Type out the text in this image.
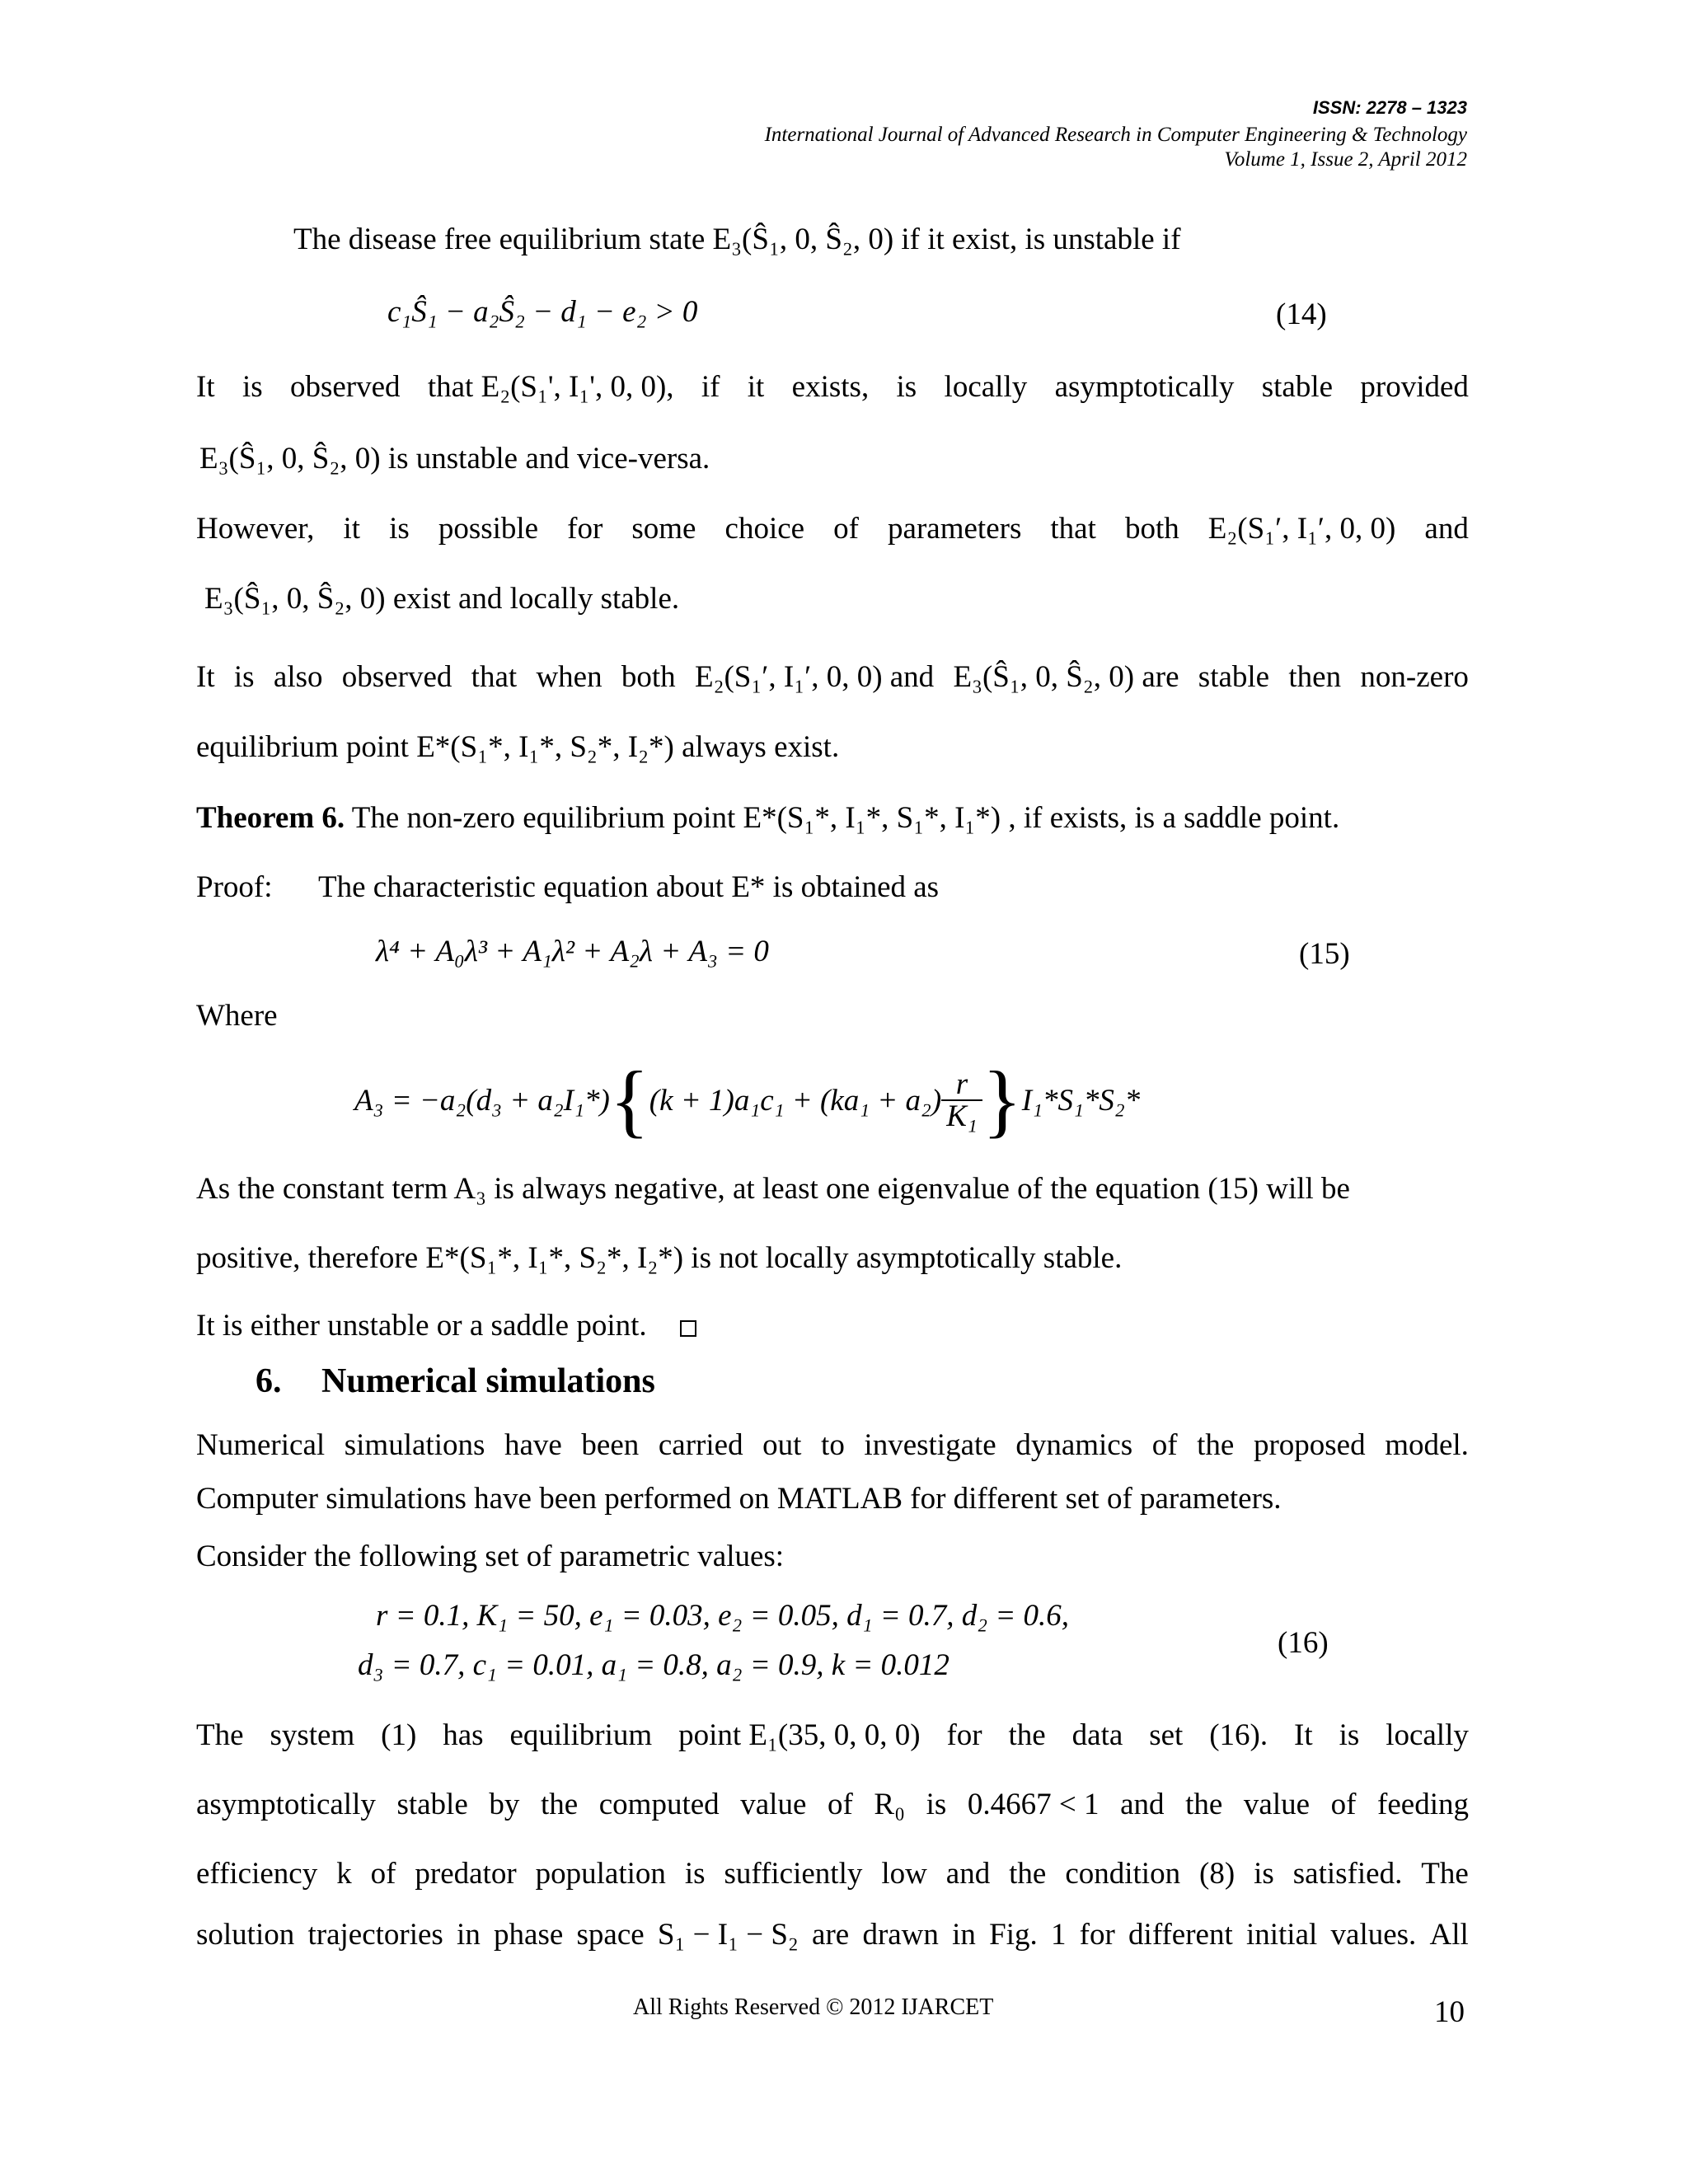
ISSN: 2278 – 1323
International Journal of Advanced Research in Computer Engineering & Technology
Volume 1, Issue 2, April 2012
The disease free equilibrium state E₃(Ŝ₁, 0, Ŝ₂, 0) if it exist, is unstable if
c₁Ŝ₁ − a₂Ŝ₂ − d₁ − e₂ > 0	(14)
It is observed that E₂(S₁', I₁', 0, 0), if it exists, is locally asymptotically stable provided
E₃(Ŝ₁, 0, Ŝ₂, 0) is unstable and vice-versa.
However, it is possible for some choice of parameters that both E₂(S₁′, I₁′, 0, 0) and
E₃(Ŝ₁, 0, Ŝ₂, 0) exist and locally stable.
It is also observed that when both E₂(S₁′, I₁′, 0, 0) and E₃(Ŝ₁, 0, Ŝ₂, 0) are stable then non-zero
equilibrium point E*(S₁*, I₁*, S₂*, I₂*) always exist.
Theorem 6. The non-zero equilibrium point E*(S₁*, I₁*, S₁*, I₁*) , if exists, is a saddle point.
Proof: The characteristic equation about E* is obtained as
λ⁴ + A₀λ³ + A₁λ² + A₂λ + A₃ = 0	(15)
Where
A₃ = −a₂(d₃ + a₂I₁*) { $(k + 1)a_1c_1 + (ka_1 + a_2) \frac{r}{\text{K₁}}$ } I₁*S₁*S₂*
As the constant term A₃ is always negative, at least one eigenvalue of the equation (15) will be
positive, therefore E*(S₁*, I₁*, S₂*, I₂*) is not locally asymptotically stable.
It is either unstable or a saddle point.
6. Numerical simulations
Numerical simulations have been carried out to investigate dynamics of the proposed model.
Computer simulations have been performed on MATLAB for different set of parameters.
Consider the following set of parametric values:
r = 0.1, K₁ = 50, e₁ = 0.03, e₂ = 0.05, d₁ = 0.7, d₂ = 0.6,
d₃ = 0.7, c₁ = 0.01, a₁ = 0.8, a₂ = 0.9, k = 0.012
(16)
The system (1) has equilibrium point E₁(35, 0, 0, 0) for the data set (16). It is locally
asymptotically stable by the computed value of R₀ is 0.4667 < 1 and the value of feeding
efficiency k of predator population is sufficiently low and the condition (8) is satisfied. The
solution trajectories in phase space S₁ − I₁ − S₂ are drawn in Fig. 1 for different initial values. All
All Rights Reserved © 2012 IJARCET	10
